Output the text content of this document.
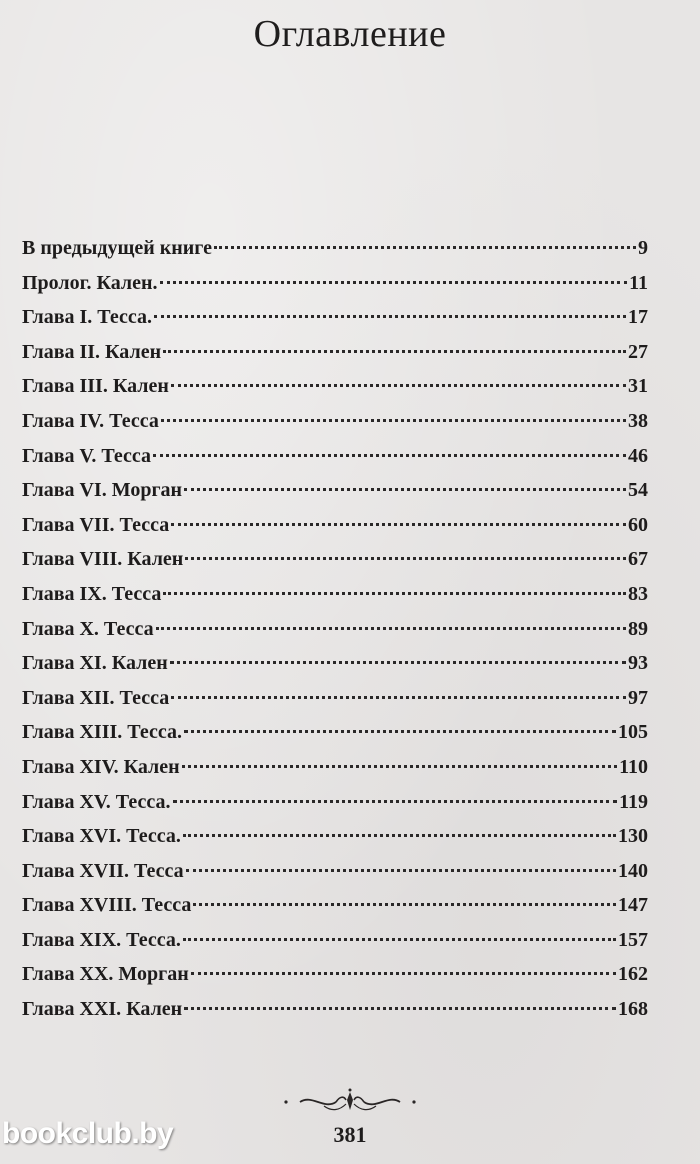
Оглавление
В предыдущей книге	9
Пролог. Кален.	11
Глава I. Тесса.	17
Глава II. Кален	27
Глава III. Кален	31
Глава IV. Тесса	38
Глава V. Тесса	46
Глава VI. Морган	54
Глава VII. Тесса	60
Глава VIII. Кален	67
Глава IX. Тесса	83
Глава X. Тесса	89
Глава XI. Кален	93
Глава XII. Тесса	97
Глава XIII. Тесса.	105
Глава XIV. Кален	110
Глава XV. Тесса.	119
Глава XVI. Тесса.	130
Глава XVII. Тесса	140
Глава XVIII. Тесса	147
Глава XIX. Тесса.	157
Глава XX. Морган	162
Глава XXI. Кален	168
381
bookclub.by
